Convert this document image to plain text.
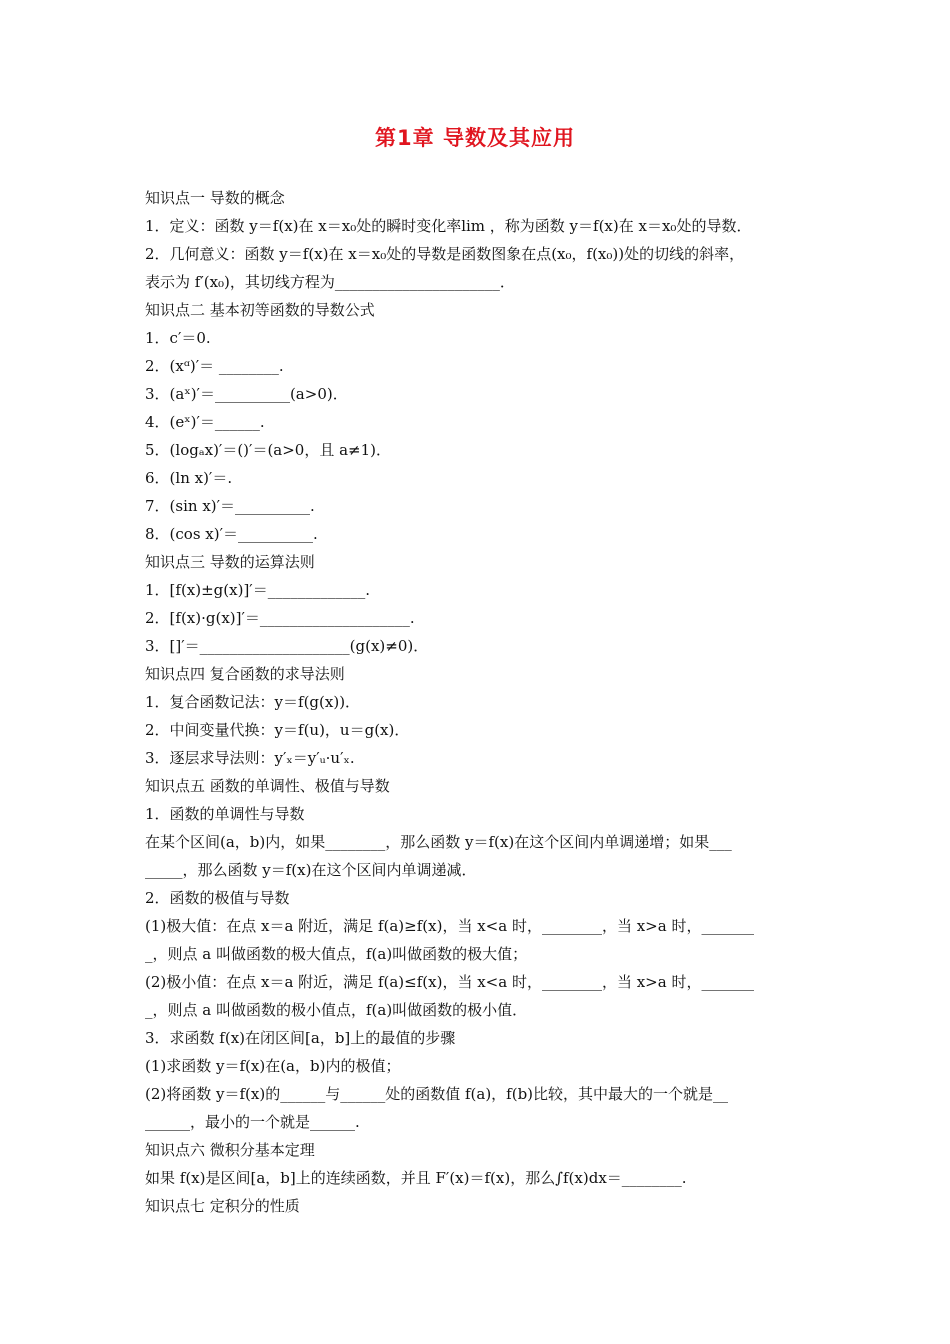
第1章 导数及其应用
知识点一 导数的概念
1．定义：函数 y＝f(x)在 x＝x₀处的瞬时变化率lim ，称为函数 y＝f(x)在 x＝x₀处的导数．
2．几何意义：函数 y＝f(x)在 x＝x₀处的导数是函数图象在点(x₀，f(x₀))处的切线的斜率，
表示为 f′(x₀)，其切线方程为______________________．
知识点二 基本初等函数的导数公式
1．c′＝0.
2．(xᵅ)′＝ ________.
3．(aˣ)′＝__________(a>0)．
4．(eˣ)′＝______.
5．(logₐx)′＝()′＝(a>0，且 a≠1)．
6．(ln x)′＝.
7．(sin x)′＝__________.
8．(cos x)′＝__________.
知识点三 导数的运算法则
1．[f(x)±g(x)]′＝_____________.
2．[f(x)·g(x)]′＝____________________.
3．[]′＝____________________(g(x)≠0)．
知识点四 复合函数的求导法则
1．复合函数记法：y＝f(g(x))．
2．中间变量代换：y＝f(u)，u＝g(x)．
3．逐层求导法则：y′ₓ＝y′ᵤ·u′ₓ.
知识点五 函数的单调性、极值与导数
1．函数的单调性与导数
在某个区间(a，b)内，如果________，那么函数 y＝f(x)在这个区间内单调递增；如果___
_____，那么函数 y＝f(x)在这个区间内单调递减．
2．函数的极值与导数
(1)极大值：在点 x＝a 附近，满足 f(a)≥f(x)，当 x<a 时，________，当 x>a 时，_______
_，则点 a 叫做函数的极大值点，f(a)叫做函数的极大值；
(2)极小值：在点 x＝a 附近，满足 f(a)≤f(x)，当 x<a 时，________，当 x>a 时，_______
_，则点 a 叫做函数的极小值点，f(a)叫做函数的极小值．
3．求函数 f(x)在闭区间[a，b]上的最值的步骤
(1)求函数 y＝f(x)在(a，b)内的极值；
(2)将函数 y＝f(x)的______与______处的函数值 f(a)，f(b)比较，其中最大的一个就是__
______，最小的一个就是______.
知识点六 微积分基本定理
如果 f(x)是区间[a，b]上的连续函数，并且 F′(x)＝f(x)，那么∫f(x)dx＝________.
知识点七 定积分的性质
